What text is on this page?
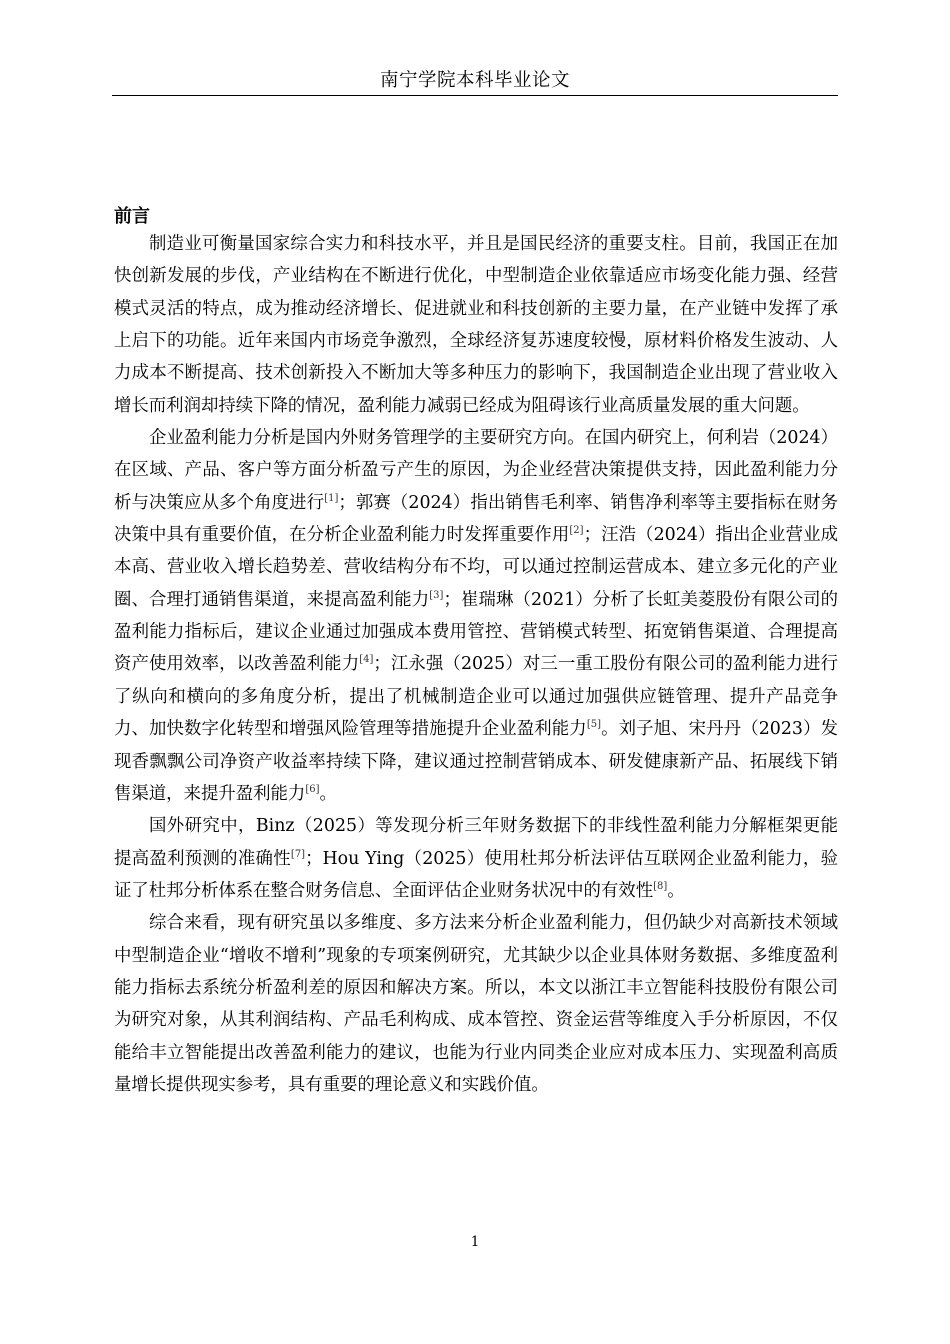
南宁学院本科毕业论文
前言

制造业可衡量国家综合实力和科技水平，并且是国民经济的重要支柱。目前，我国正在加快创新发展的步伐，产业结构在不断进行优化，中型制造企业依靠适应市场变化能力强、经营模式灵活的特点，成为推动经济增长、促进就业和科技创新的主要力量，在产业链中发挥了承上启下的功能。近年来国内市场竞争激烈，全球经济复苏速度较慢，原材料价格发生波动、人力成本不断提高、技术创新投入不断加大等多种压力的影响下，我国制造企业出现了营业收入增长而利润却持续下降的情况，盈利能力减弱已经成为阻碍该行业高质量发展的重大问题。

企业盈利能力分析是国内外财务管理学的主要研究方向。在国内研究上，何利岩（2024）在区域、产品、客户等方面分析盈亏产生的原因，为企业经营决策提供支持，因此盈利能力分析与决策应从多个角度进行[1]；郭赛（2024）指出销售毛利率、销售净利率等主要指标在财务决策中具有重要价值，在分析企业盈利能力时发挥重要作用[2]；汪浩（2024）指出企业营业成本高、营业收入增长趋势差、营收结构分布不均，可以通过控制运营成本、建立多元化的产业圈、合理打通销售渠道，来提高盈利能力[3]；崔瑞琳（2021）分析了长虹美菱股份有限公司的盈利能力指标后，建议企业通过加强成本费用管控、营销模式转型、拓宽销售渠道、合理提高资产使用效率，以改善盈利能力[4]；江永强（2025）对三一重工股份有限公司的盈利能力进行了纵向和横向的多角度分析，提出了机械制造企业可以通过加强供应链管理、提升产品竞争力、加快数字化转型和增强风险管理等措施提升企业盈利能力[5]。刘子旭、宋丹丹（2023）发现香飘飘公司净资产收益率持续下降，建议通过控制营销成本、研发健康新产品、拓展线下销售渠道，来提升盈利能力[6]。

国外研究中，Binz（2025）等发现分析三年财务数据下的非线性盈利能力分解框架更能提高盈利预测的准确性[7]；Hou Ying（2025）使用杜邦分析法评估互联网企业盈利能力，验证了杜邦分析体系在整合财务信息、全面评估企业财务状况中的有效性[8]。

综合来看，现有研究虽以多维度、多方法来分析企业盈利能力，但仍缺少对高新技术领域中型制造企业“增收不增利”现象的专项案例研究，尤其缺少以企业具体财务数据、多维度盈利能力指标去系统分析盈利差的原因和解决方案。所以，本文以浙江丰立智能科技股份有限公司为研究对象，从其利润结构、产品毛利构成、成本管控、资金运营等维度入手分析原因，不仅能给丰立智能提出改善盈利能力的建议，也能为行业内同类企业应对成本压力、实现盈利高质量增长提供现实参考，具有重要的理论意义和实践价值。

1
